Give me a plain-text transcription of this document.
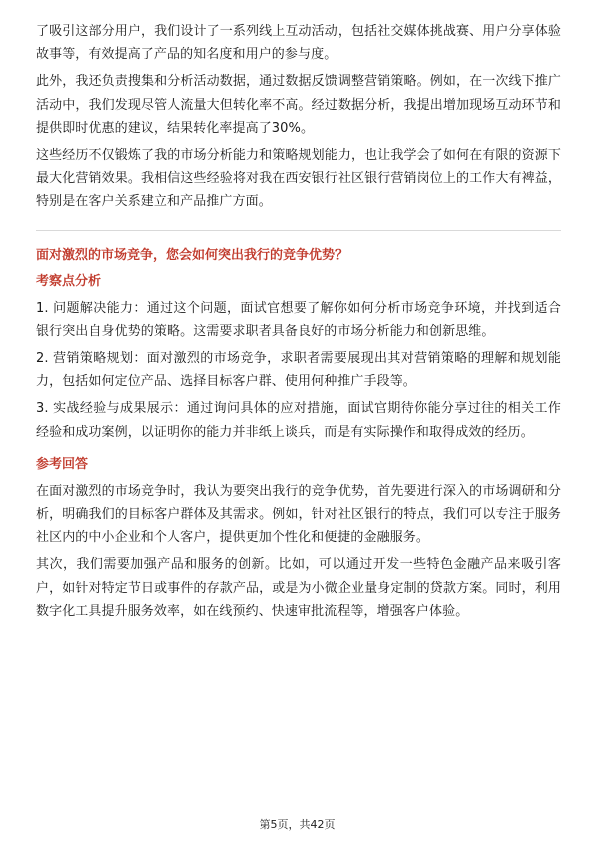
了吸引这部分用户，我们设计了一系列线上互动活动，包括社交媒体挑战赛、用户分享体验故事等，有效提高了产品的知名度和用户的参与度。

此外，我还负责搜集和分析活动数据，通过数据反馈调整营销策略。例如，在一次线下推广活动中，我们发现尽管人流量大但转化率不高。经过数据分析，我提出增加现场互动环节和提供即时优惠的建议，结果转化率提高了30%。

这些经历不仅锻炼了我的市场分析能力和策略规划能力，也让我学会了如何在有限的资源下最大化营销效果。我相信这些经验将对我在西安银行社区银行营销岗位上的工作大有裨益，特别是在客户关系建立和产品推广方面。

面对激烈的市场竞争，您会如何突出我行的竞争优势？
考察点分析

1. 问题解决能力：通过这个问题，面试官想要了解你如何分析市场竞争环境，并找到适合银行突出自身优势的策略。这需要求职者具备良好的市场分析能力和创新思维。

2. 营销策略规划：面对激烈的市场竞争，求职者需要展现出其对营销策略的理解和规划能力，包括如何定位产品、选择目标客户群、使用何种推广手段等。

3. 实战经验与成果展示：通过询问具体的应对措施，面试官期待你能分享过往的相关工作经验和成功案例，以证明你的能力并非纸上谈兵，而是有实际操作和取得成效的经历。

参考回答

在面对激烈的市场竞争时，我认为要突出我行的竞争优势，首先要进行深入的市场调研和分析，明确我们的目标客户群体及其需求。例如，针对社区银行的特点，我们可以专注于服务社区内的中小企业和个人客户，提供更加个性化和便捷的金融服务。

其次，我们需要加强产品和服务的创新。比如，可以通过开发一些特色金融产品来吸引客户，如针对特定节日或事件的存款产品，或是为小微企业量身定制的贷款方案。同时，利用数字化工具提升服务效率，如在线预约、快速审批流程等，增强客户体验。

第5页，共42页
